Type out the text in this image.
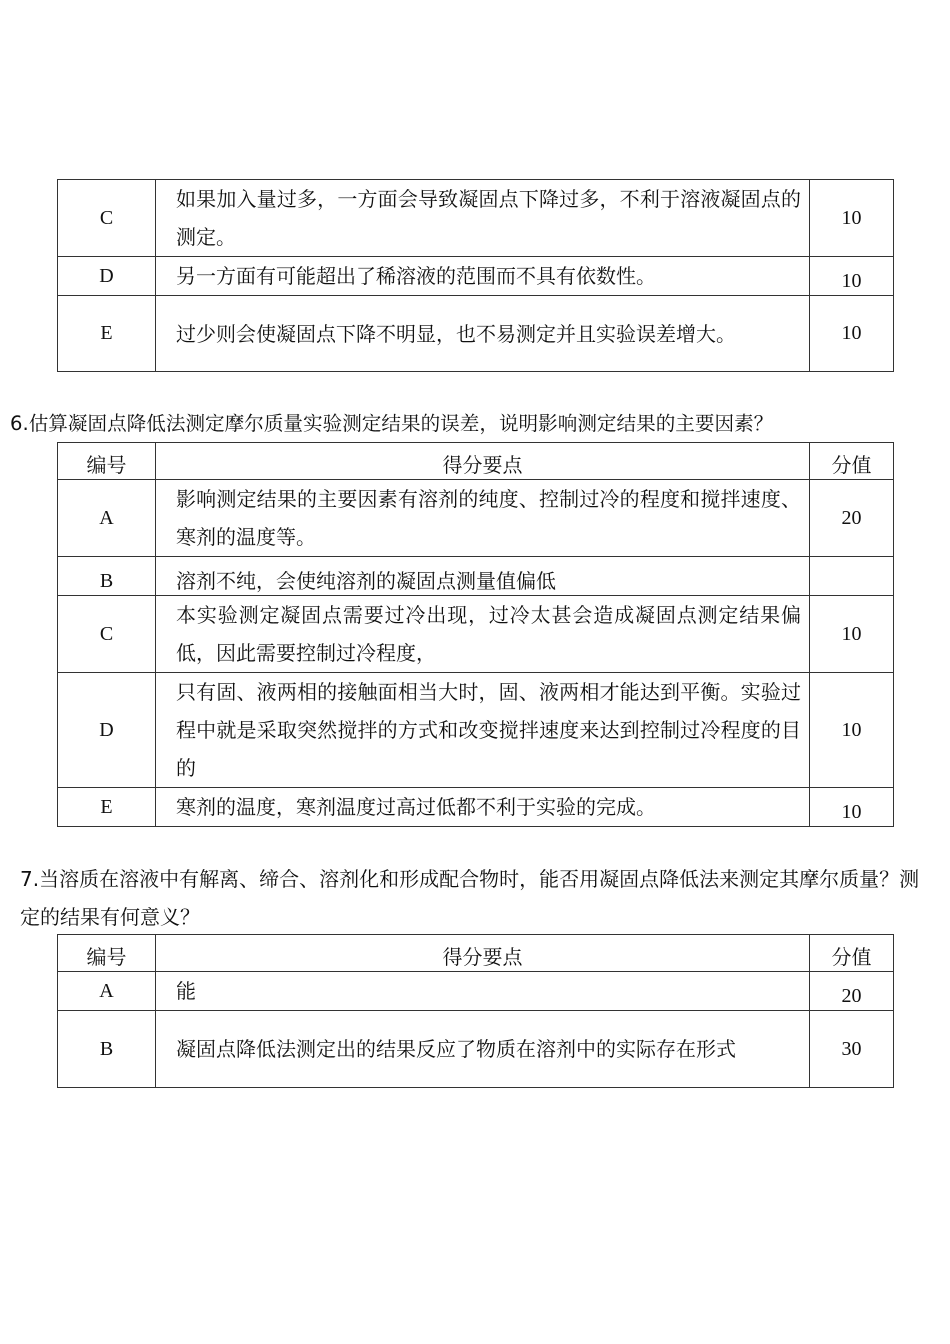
C	如果加入量过多，一方面会导致凝固点下降过多，不利于溶液凝固点的测定。	10
D	另一方面有可能超出了稀溶液的范围而不具有依数性。	10
E	过少则会使凝固点下降不明显，也不易测定并且实验误差增大。	10

6.估算凝固点降低法测定摩尔质量实验测定结果的误差，说明影响测定结果的主要因素？

编号	得分要点	分值
A	影响测定结果的主要因素有溶剂的纯度、控制过冷的程度和搅拌速度、寒剂的温度等。	20
B	溶剂不纯，会使纯溶剂的凝固点测量值偏低	
C	本实验测定凝固点需要过冷出现，过冷太甚会造成凝固点测定结果偏低，因此需要控制过冷程度，	10
D	只有固、液两相的接触面相当大时，固、液两相才能达到平衡。实验过程中就是采取突然搅拌的方式和改变搅拌速度来达到控制过冷程度的目的	10
E	寒剂的温度，寒剂温度过高过低都不利于实验的完成。	10

7.当溶质在溶液中有解离、缔合、溶剂化和形成配合物时，能否用凝固点降低法来测定其摩尔质量？测定的结果有何意义？

编号	得分要点	分值
A	能	20
B	凝固点降低法测定出的结果反应了物质在溶剂中的实际存在形式	30
